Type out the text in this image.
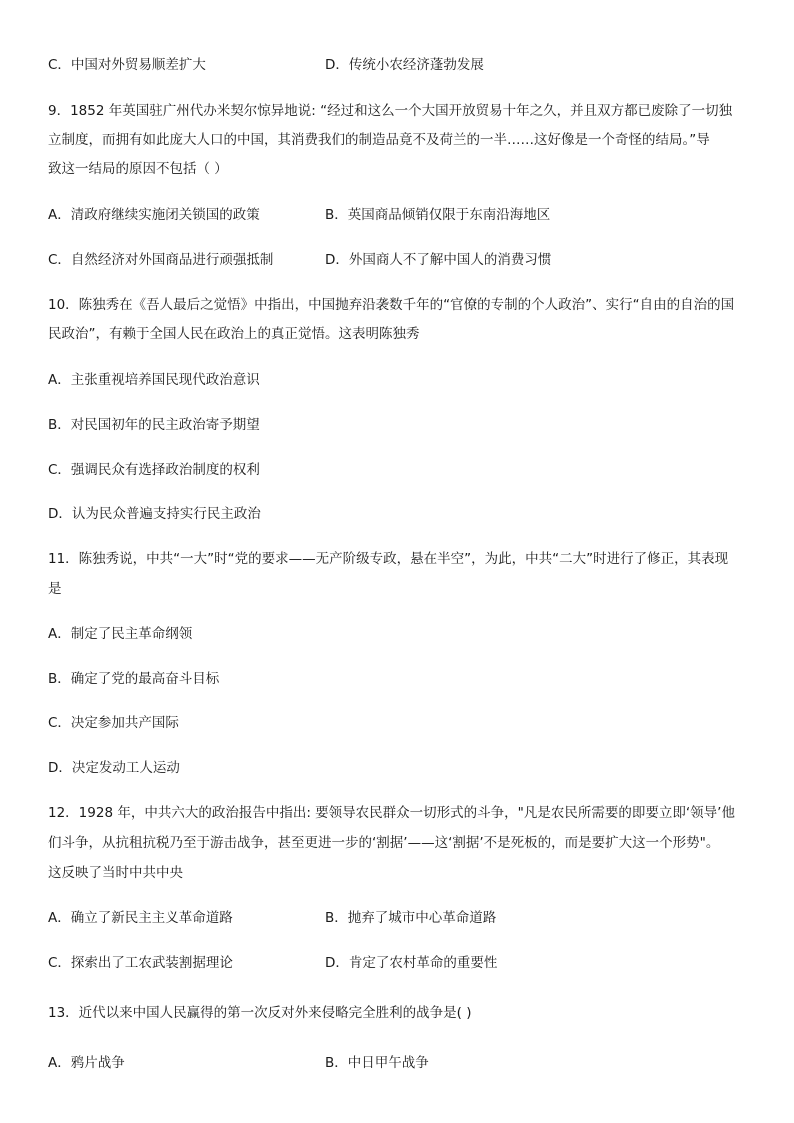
C．中国对外贸易顺差扩大	D．传统小农经济蓬勃发展
9．1852 年英国驻广州代办米契尔惊异地说: “经过和这么一个大国开放贸易十年之久，并且双方都已废除了一切独
立制度，而拥有如此庞大人口的中国，其消费我们的制造品竟不及荷兰的一半……这好像是一个奇怪的结局。”导
致这一结局的原因不包括（ ）
A．清政府继续实施闭关锁国的政策	B．英国商品倾销仅限于东南沿海地区
C．自然经济对外国商品进行顽强抵制	D．外国商人不了解中国人的消费习惯
10．陈独秀在《吾人最后之觉悟》中指出，中国抛弃沿袭数千年的“官僚的专制的个人政治”、实行“自由的自治的国
民政治”，有赖于全国人民在政治上的真正觉悟。这表明陈独秀
A．主张重视培养国民现代政治意识
B．对民国初年的民主政治寄予期望
C．强调民众有选择政治制度的权利
D．认为民众普遍支持实行民主政治
11．陈独秀说，中共“一大”时“党的要求——无产阶级专政，悬在半空”，为此，中共“二大”时进行了修正，其表现
是
A．制定了民主革命纲领
B．确定了党的最高奋斗目标
C．决定参加共产国际
D．决定发动工人运动
12．1928 年，中共六大的政治报告中指出: 要领导农民群众一切形式的斗争，"凡是农民所需要的即要立即‘领导’他
们斗争，从抗租抗税乃至于游击战争，甚至更进一步的‘割据’——这‘割据’不是死板的，而是要扩大这一个形势"。
这反映了当时中共中央
A．确立了新民主主义革命道路	B．抛弃了城市中心革命道路
C．探索出了工农武装割据理论	D．肯定了农村革命的重要性
13．近代以来中国人民赢得的第一次反对外来侵略完全胜利的战争是( )
A．鸦片战争	B．中日甲午战争
